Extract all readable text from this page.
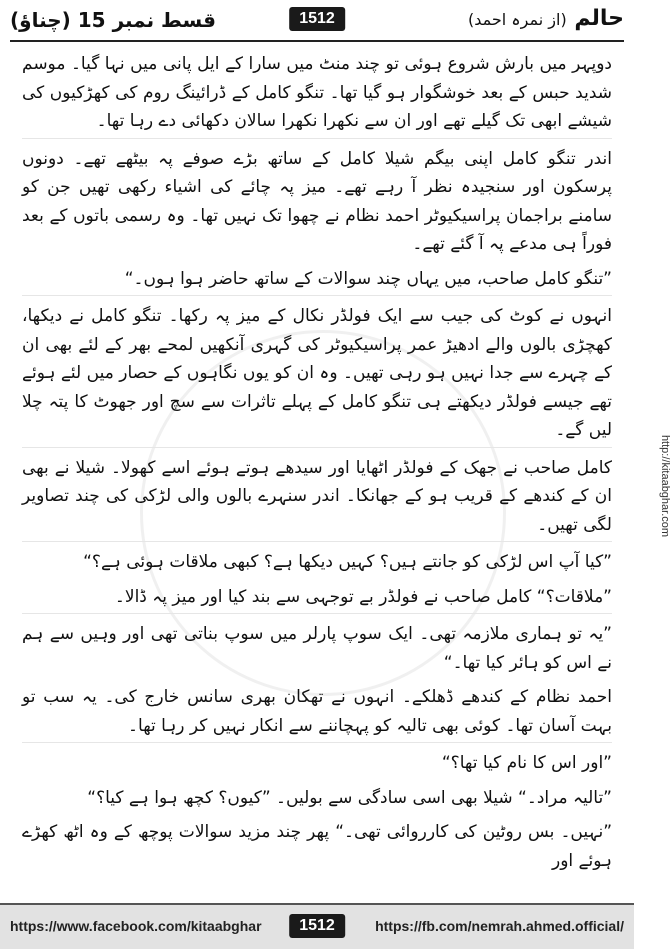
قسط نمبر 15 (چناؤ)	1512	حالم (از نمرہ احمد)
http://kitaabghar.com

دوپہر میں بارش شروع ہوئی تو چند منٹ میں سارا کے ایل پانی میں نہا گیا۔ موسم شدید حبس کے بعد خوشگوار ہو گیا تھا۔ تنگو کامل کے ڈرائینگ روم کی کھڑکیوں کی شیشے ابھی تک گیلے تھے اور ان سے نکھرا نکھرا سالان دکھائی دے رہا تھا۔

اندر تنگو کامل اپنی بیگم شیلا کامل کے ساتھ بڑے صوفے پہ بیٹھے تھے۔ دونوں پرسکون اور سنجیدہ نظر آ رہے تھے۔ میز پہ چائے کی اشیاء رکھی تھیں جن کو سامنے براجمان پراسیکیوٹر احمد نظام نے چھوا تک نہیں تھا۔ وہ رسمی باتوں کے بعد فوراً ہی مدعے پہ آ گئے تھے۔

”تنگو کامل صاحب، میں یہاں چند سوالات کے ساتھ حاضر ہوا ہوں۔“

انہوں نے کوٹ کی جیب سے ایک فولڈر نکال کے میز پہ رکھا۔ تنگو کامل نے دیکھا، کھچڑی بالوں والے ادھیڑ عمر پراسیکیوٹر کی گہری آنکھیں لمحے بھر کے لئے بھی ان کے چہرے سے جدا نہیں ہو رہی تھیں۔ وہ ان کو یوں نگاہوں کے حصار میں لئے ہوئے تھے جیسے فولڈر دیکھتے ہی تنگو کامل کے پہلے تاثرات سے سچ اور جھوٹ کا پتہ چلا لیں گے۔

کامل صاحب نے جھک کے فولڈر اٹھایا اور سیدھے ہوتے ہوئے اسے کھولا۔ شیلا نے بھی ان کے کندھے کے قریب ہو کے جھانکا۔ اندر سنہرے بالوں والی لڑکی کی چند تصاویر لگی تھیں۔

”کیا آپ اس لڑکی کو جانتے ہیں؟ کہیں دیکھا ہے؟ کبھی ملاقات ہوئی ہے؟“

”ملاقات؟“ کامل صاحب نے فولڈر بے توجہی سے بند کیا اور میز پہ ڈالا۔

”یہ تو ہماری ملازمہ تھی۔ ایک سوپ پارلر میں سوپ بناتی تھی اور وہیں سے ہم نے اس کو ہائر کیا تھا۔“

احمد نظام کے کندھے ڈھلکے۔ انہوں نے تھکان بھری سانس خارج کی۔ یہ سب تو بہت آسان تھا۔ کوئی بھی تالیہ کو پہچاننے سے انکار نہیں کر رہا تھا۔

”اور اس کا نام کیا تھا؟“

”تالیہ مراد۔“ شیلا بھی اسی سادگی سے بولیں۔ ”کیوں؟ کچھ ہوا ہے کیا؟“

”نہیں۔ بس روٹین کی کارروائی تھی۔“ پھر چند مزید سوالات پوچھ کے وہ اٹھ کھڑے ہوئے اور

https://www.facebook.com/kitaabghar	1512	https://fb.com/nemrah.ahmed.official/
